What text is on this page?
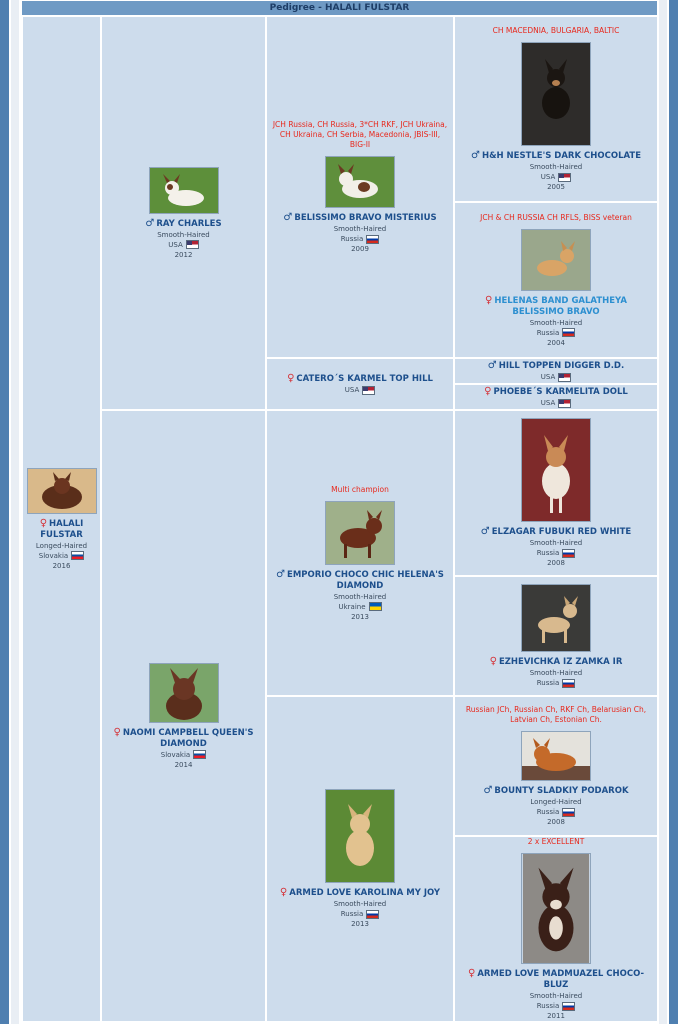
Pedigree - HALALI FULSTAR
♀ HALALI FULSTAR
Longed-Haired
Slovakia
2016
♂ RAY CHARLES
Smooth-Haired
USA
2012
♀ NAOMI CAMPBELL QUEEN'S DIAMOND
Slovakia
2014
JCH Russia, CH Russia, 3*CH RKF, JCH Ukraina, CH Ukraina, CH Serbia, Macedonia, JBIS-III, BIG-II
♂ BELISSIMO BRAVO MISTERIUS
Smooth-Haired
Russia
2009
♀ CATERO´S KARMEL TOP HILL
USA
Multi champion
♂ EMPORIO CHOCO CHIC HELENA'S DIAMOND
Smooth-Haired
Ukraine
2013
♀ ARMED LOVE KAROLINA MY JOY
Smooth-Haired
Russia
2013
CH MACEDNIA, BULGARIA, BALTIC
♂ H&H NESTLE'S DARK CHOCOLATE
Smooth-Haired
USA
2005
JCH & CH RUSSIA CH RFLS, BISS veteran
♀ HELENAS BAND GALATHEYA BELISSIMO BRAVO
Smooth-Haired
Russia
2004
♂ HILL TOPPEN DIGGER D.D.
USA
♀ PHOEBE´S KARMELITA DOLL
USA
♂ ELZAGAR FUBUKI RED WHITE
Smooth-Haired
Russia
2008
♀ EZHEVICHKA IZ ZAMKA IR
Smooth-Haired
Russia
Russian JCh, Russian Ch, RKF Ch, Belarusian Ch, Latvian Ch, Estonian Ch.
♂ BOUNTY SLADKIY PODAROK
Longed-Haired
Russia
2008
2 x EXCELLENT
♀ ARMED LOVE MADMUAZEL CHOCO-BLUZ
Smooth-Haired
Russia
2011
